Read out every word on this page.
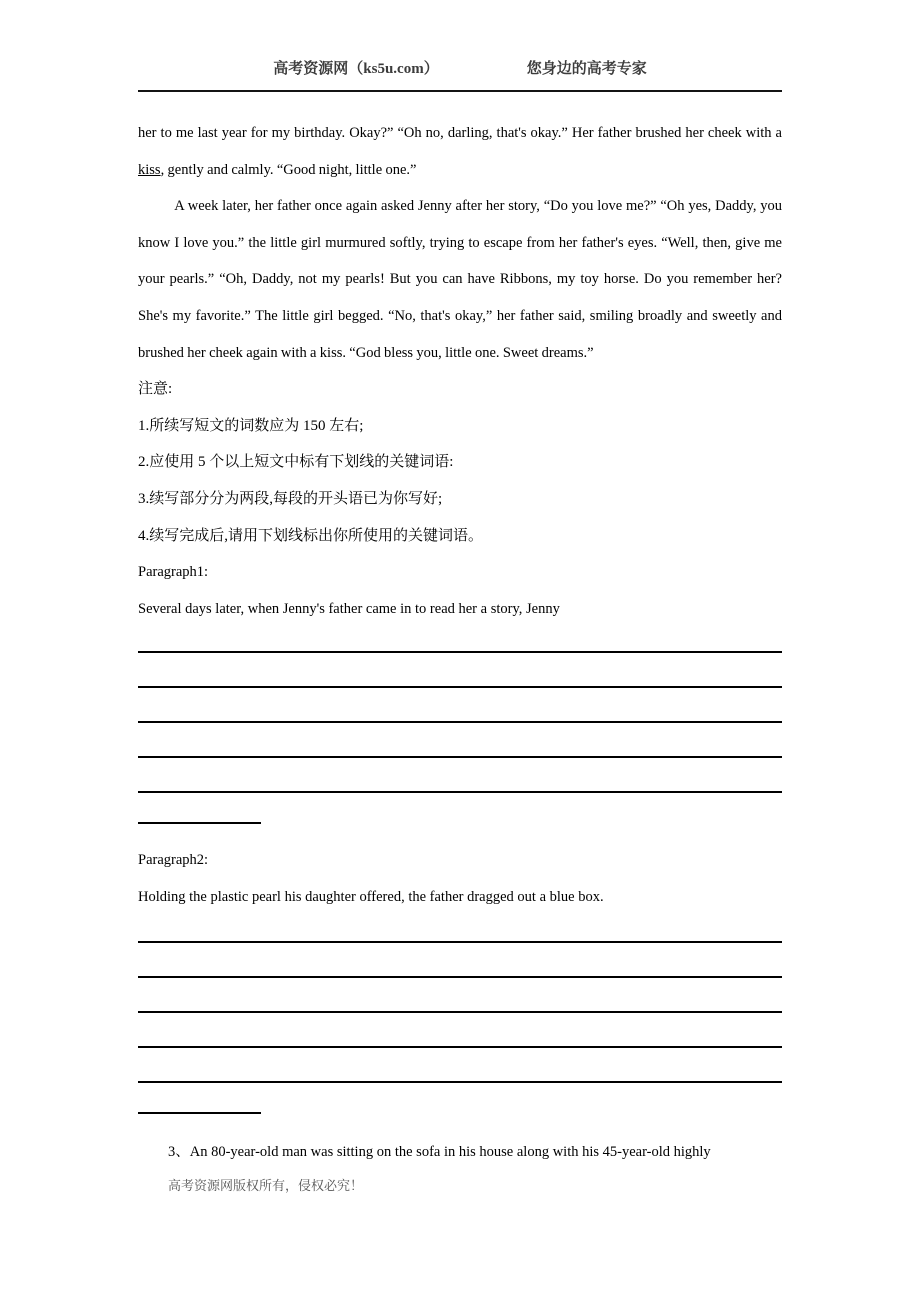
高考资源网（ks5u.com）	您身边的高考专家

her to me last year for my birthday. Okay?” “Oh no, darling, that's okay.” Her father brushed her cheek with a kiss, gently and calmly. “Good night, little one.”

A week later, her father once again asked Jenny after her story, “Do you love me?” “Oh yes, Daddy, you know I love you.” the little girl murmured softly, trying to escape from her father's eyes. “Well, then, give me your pearls.” “Oh, Daddy, not my pearls! But you can have Ribbons, my toy horse. Do you remember her? She's my favorite.” The little girl begged. “No, that's okay,” her father said, smiling broadly and sweetly and brushed her cheek again with a kiss. “God bless you, little one. Sweet dreams.”

注意:
1.所续写短文的词数应为 150 左右;
2.应使用 5 个以上短文中标有下划线的关键词语:
3.续写部分分为两段,每段的开头语已为你写好;
4.续写完成后,请用下划线标出你所使用的关键词语。
Paragraph1:
Several days later, when Jenny's father came in to read her a story, Jenny
Paragraph2:
Holding the plastic pearl his daughter offered, the father dragged out a blue box.
3、An 80-year-old man was sitting on the sofa in his house along with his 45-year-old highly
高考资源网版权所有，侵权必究！
